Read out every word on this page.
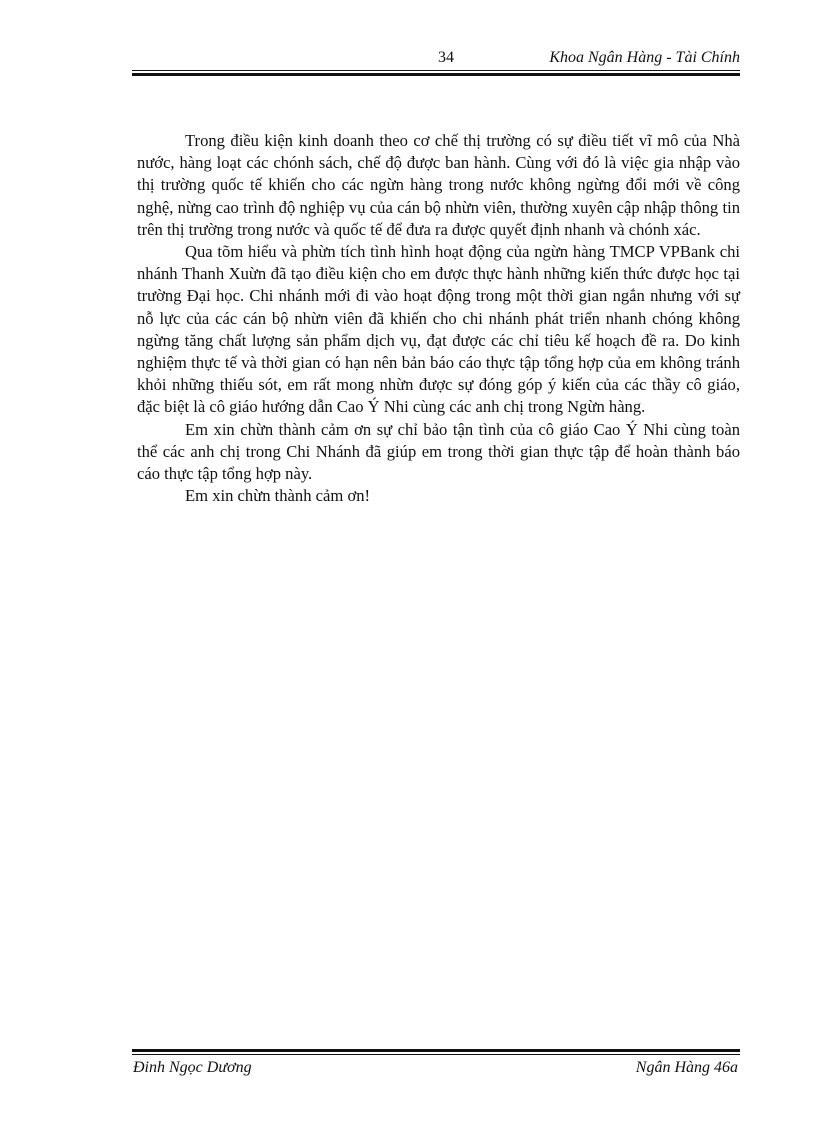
34	Khoa Ngân Hàng - Tài Chính

Trong điều kiện kinh doanh theo cơ chế thị trường có sự điều tiết vĩ mô của Nhà nước, hàng loạt các chónh sách, chế độ được ban hành. Cùng với đó là việc gia nhập vào thị trường quốc tế khiến cho các ngừn hàng trong nước không ngừng đổi mới về công nghệ, nừng cao trình độ nghiệp vụ của cán bộ nhừn viên, thường xuyên cập nhập thông tin trên thị trường trong nước và quốc tế để đưa ra được quyết định nhanh và chónh xác.

Qua tõm hiểu và phừn tích tình hình hoạt động của ngừn hàng TMCP VPBank chi nhánh Thanh Xuừn đã tạo điều kiện cho em được thực hành những kiến thức được học tại trường Đại học. Chi nhánh mới đi vào hoạt động trong một thời gian ngắn nhưng với sự nỗ lực của các cán bộ nhừn viên đã khiến cho chi nhánh phát triển nhanh chóng không ngừng tăng chất lượng sản phẩm dịch vụ, đạt được các chỉ tiêu kế hoạch đề ra. Do kinh nghiệm thực tế và thời gian có hạn nên bản báo cáo thực tập tổng hợp của em không tránh khỏi những thiếu sót, em rất mong nhừn được sự đóng góp ý kiến của các thầy cô giáo, đặc biệt là cô giáo hướng dẫn Cao Ý Nhi cùng các anh chị trong Ngừn hàng.

Em xin chừn thành cảm ơn sự chỉ bảo tận tình của cô giáo Cao Ý Nhi cùng toàn thể các anh chị trong Chi Nhánh đã giúp em trong thời gian thực tập để hoàn thành báo cáo thực tập tổng hợp này.

Em xin chừn thành cảm ơn!

Đinh Ngọc Dương	Ngân Hàng 46a
